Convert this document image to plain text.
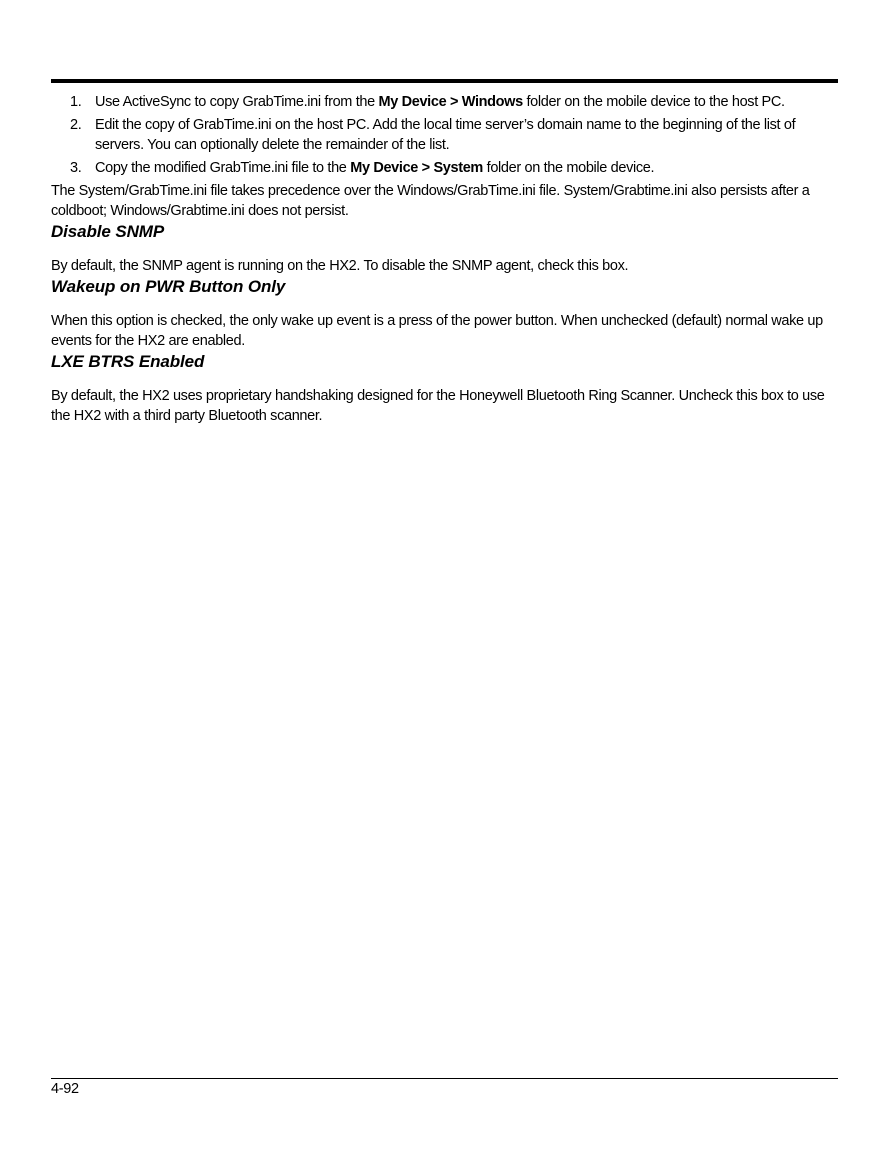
1. Use ActiveSync to copy GrabTime.ini from the My Device > Windows folder on the mobile device to the host PC.
2. Edit the copy of GrabTime.ini on the host PC. Add the local time server’s domain name to the beginning of the list of servers. You can optionally delete the remainder of the list.
3. Copy the modified GrabTime.ini file to the My Device > System folder on the mobile device.

The System/GrabTime.ini file takes precedence over the Windows/GrabTime.ini file. System/Grabtime.ini also persists after a coldboot; Windows/Grabtime.ini does not persist.

Disable SNMP

By default, the SNMP agent is running on the HX2. To disable the SNMP agent, check this box.

Wakeup on PWR Button Only

When this option is checked, the only wake up event is a press of the power button. When unchecked (default) normal wake up events for the HX2 are enabled.

LXE BTRS Enabled

By default, the HX2 uses proprietary handshaking designed for the Honeywell Bluetooth Ring Scanner. Uncheck this box to use the HX2 with a third party Bluetooth scanner.

4-92
